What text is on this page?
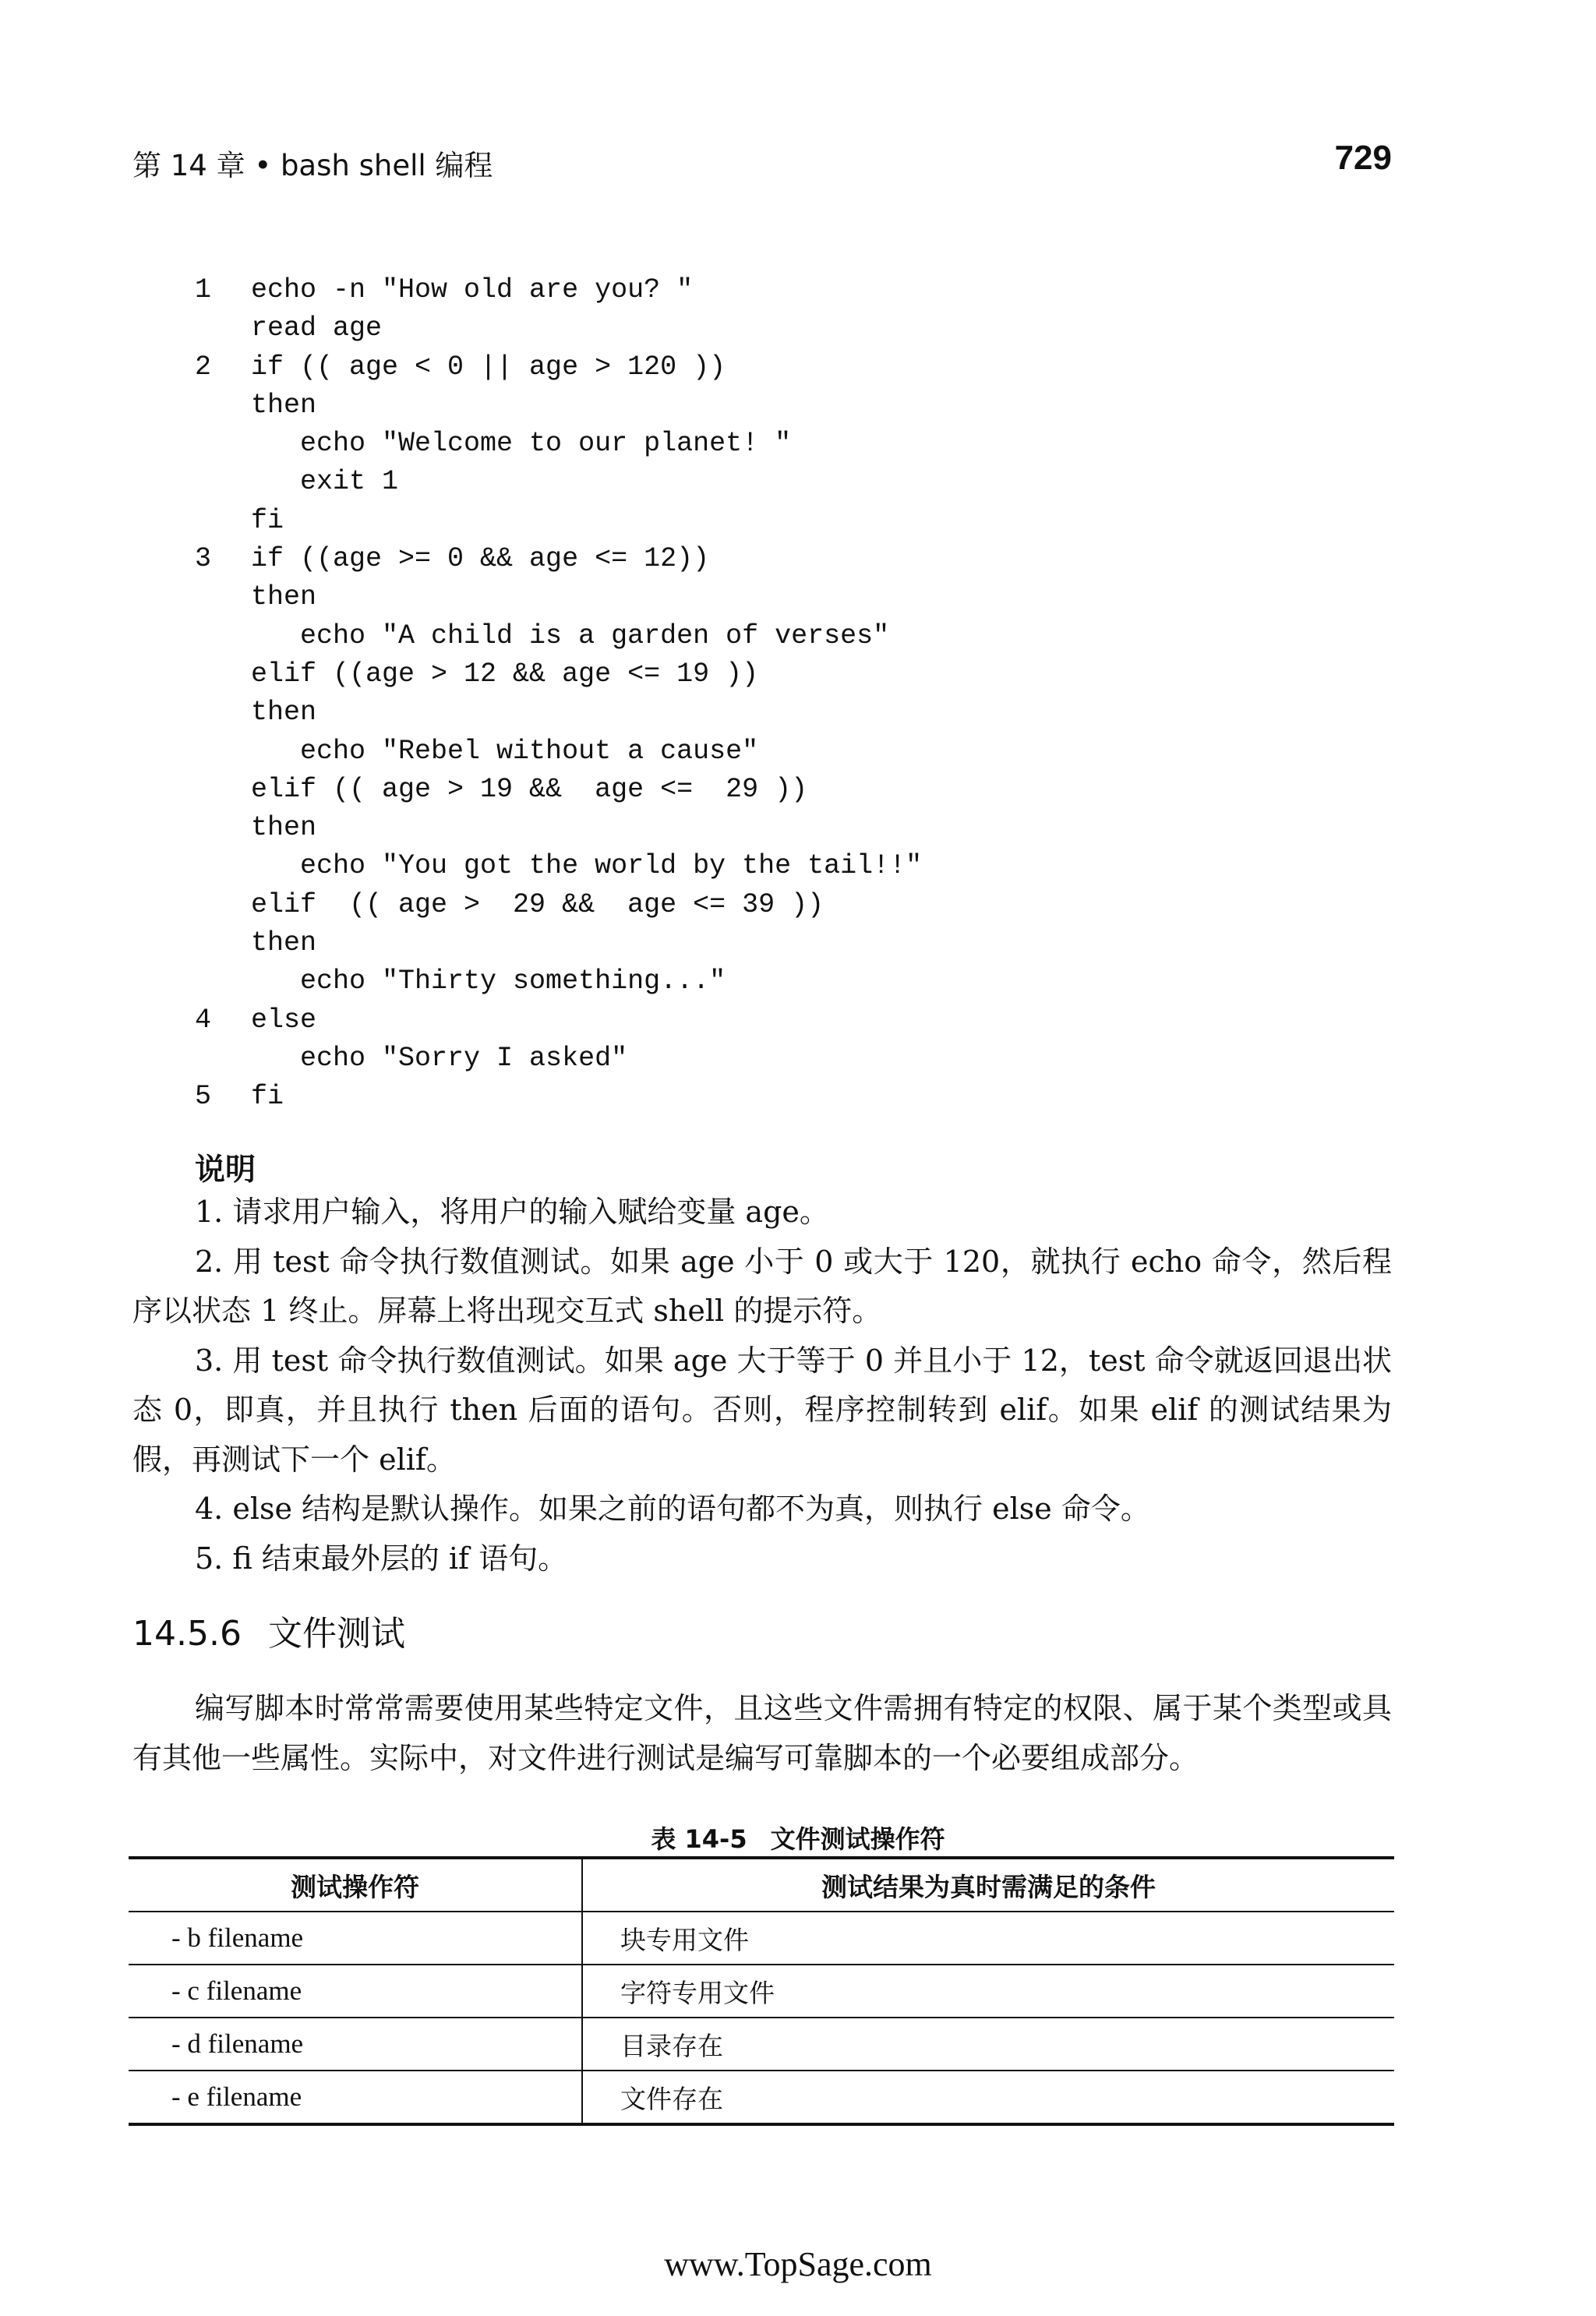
第 14 章 • bash shell 编程	729
1	echo -n "How old are you? "
read age
2	if (( age < 0 || age > 120 ))
then
echo "Welcome to our planet! "
exit 1
fi
3	if ((age >= 0 && age <= 12))
then
echo "A child is a garden of verses"
elif ((age > 12 && age <= 19 ))
then
echo "Rebel without a cause"
elif (( age > 19 &&  age <=  29 ))
then
echo "You got the world by the tail!!"
elif  (( age >  29 &&  age <= 39 ))
then
echo "Thirty something..."
4	else
echo "Sorry I asked"
5	fi
说明

1. 请求用户输入，将用户的输入赋给变量 age。

2. 用 test 命令执行数值测试。如果 age 小于 0 或大于 120，就执行 echo 命令，然后程序以状态 1 终止。屏幕上将出现交互式 shell 的提示符。

3. 用 test 命令执行数值测试。如果 age 大于等于 0 并且小于 12，test 命令就返回退出状态 0，即真，并且执行 then 后面的语句。否则，程序控制转到 elif。如果 elif 的测试结果为假，再测试下一个 elif。

4. else 结构是默认操作。如果之前的语句都不为真，则执行 else 命令。

5. fi 结束最外层的 if 语句。

14.5.6 文件测试

编写脚本时常常需要使用某些特定文件，且这些文件需拥有特定的权限、属于某个类型或具有其他一些属性。实际中，对文件进行测试是编写可靠脚本的一个必要组成部分。

表 14-5 文件测试操作符
测试操作符	测试结果为真时需满足的条件
- b filename	块专用文件
- c filename	字符专用文件
- d filename	目录存在
- e filename	文件存在
www.TopSage.com
